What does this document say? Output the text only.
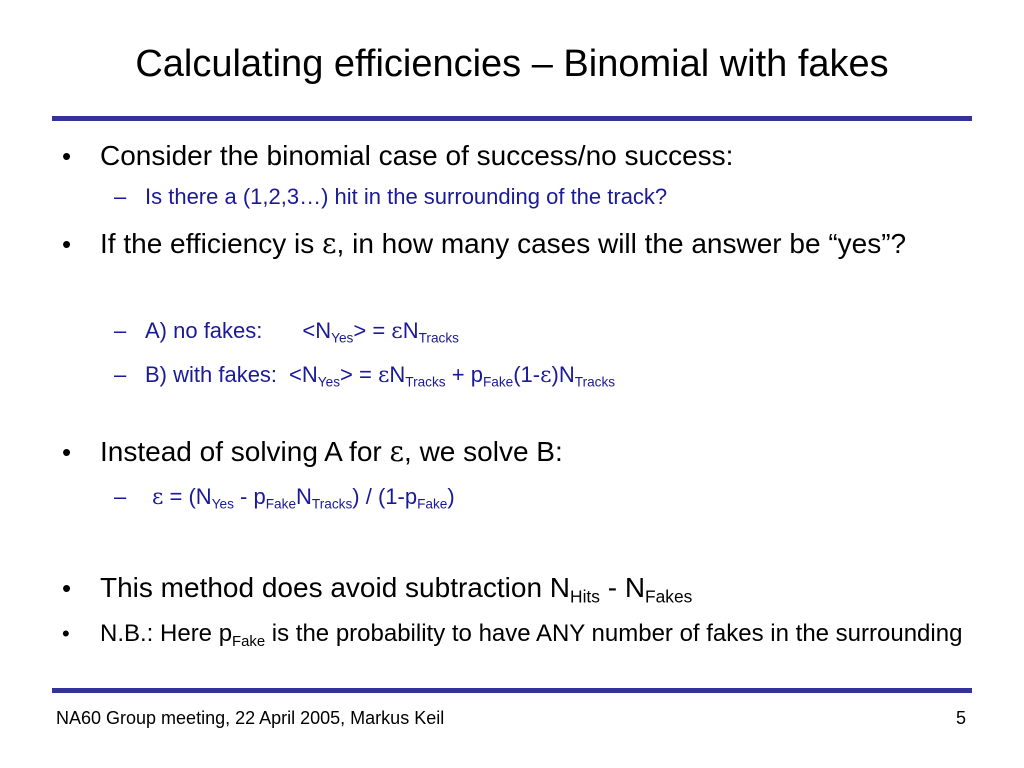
Calculating efficiencies – Binomial with fakes
• Consider the binomial case of success/no success:
– Is there a (1,2,3…) hit in the surrounding of the track?
• If the efficiency is ε, in how many cases will the answer be “yes”?
– A) no fakes: $<N_{Yes}> = \varepsilon N_{Tracks}$
– B) with fakes: $<N_{Yes}> = \varepsilon N_{Tracks} + p_{Fake}(1-\varepsilon)N_{Tracks}$
• Instead of solving A for ε, we solve B:
– $\varepsilon = (N_{Yes} - p_{Fake}N_{Tracks}) / (1-p_{Fake})$
• This method does avoid subtraction $N_{Hits} - N_{Fakes}$
• N.B.: Here $p_{Fake}$ is the probability to have ANY number of fakes in the surrounding
NA60 Group meeting, 22 April 2005, Markus Keil	5
